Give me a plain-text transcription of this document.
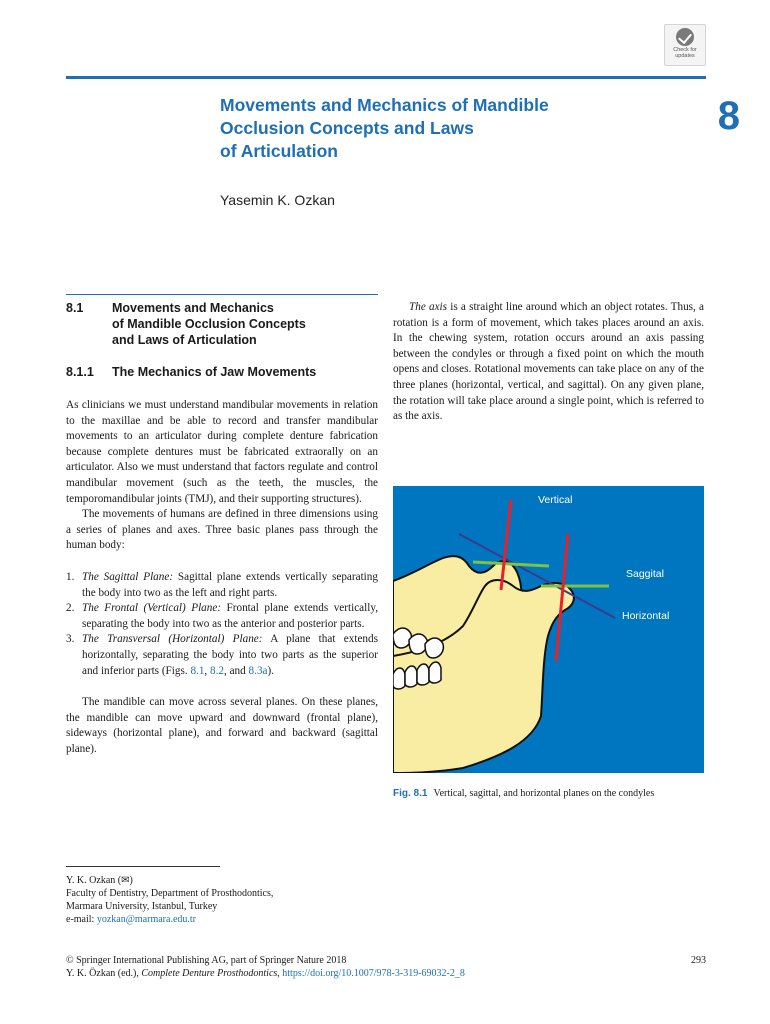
Check for
updates
Movements and Mechanics of Mandible
Occlusion Concepts and Laws
of Articulation
8
Yasemin K. Ozkan
8.1 Movements and Mechanics
of Mandible Occlusion Concepts
and Laws of Articulation
8.1.1 The Mechanics of Jaw Movements

As clinicians we must understand mandibular movements in relation to the maxillae and be able to record and transfer mandibular movements to an articulator during complete denture fabrication because complete dentures must be fabricated extraorally on an articulator. Also we must understand that factors regulate and control mandibular movement (such as the teeth, the muscles, the temporomandibular joints (TMJ), and their supporting structures).

The movements of humans are defined in three dimensions using a series of planes and axes. Three basic planes pass through the human body:

1. The Sagittal Plane: Sagittal plane extends vertically separating the body into two as the left and right parts.
2. The Frontal (Vertical) Plane: Frontal plane extends vertically, separating the body into two as the anterior and posterior parts.
3. The Transversal (Horizontal) Plane: A plane that extends horizontally, separating the body into two parts as the superior and inferior parts (Figs. 8.1, 8.2, and 8.3a).

The mandible can move across several planes. On these planes, the mandible can move upward and downward (frontal plane), sideways (horizontal plane), and forward and backward (sagittal plane).

The axis is a straight line around which an object rotates. Thus, a rotation is a form of movement, which takes places around an axis. In the chewing system, rotation occurs around an axis passing between the condyles or through a fixed point on which the mouth opens and closes. Rotational movements can take place on any of the three planes (horizontal, vertical, and sagittal). On any given plane, the rotation will take place around a single point, which is referred to as the axis.

Vertical
Saggital
Horizontal
Fig. 8.1 Vertical, sagittal, and horizontal planes on the condyles
Y. K. Ozkan (✉)
Faculty of Dentistry, Department of Prosthodontics,
Marmara University, Istanbul, Turkey
e-mail: yozkan@marmara.edu.tr
© Springer International Publishing AG, part of Springer Nature 2018
Y. K. Özkan (ed.), Complete Denture Prosthodontics, https://doi.org/10.1007/978-3-319-69032-2_8
293
